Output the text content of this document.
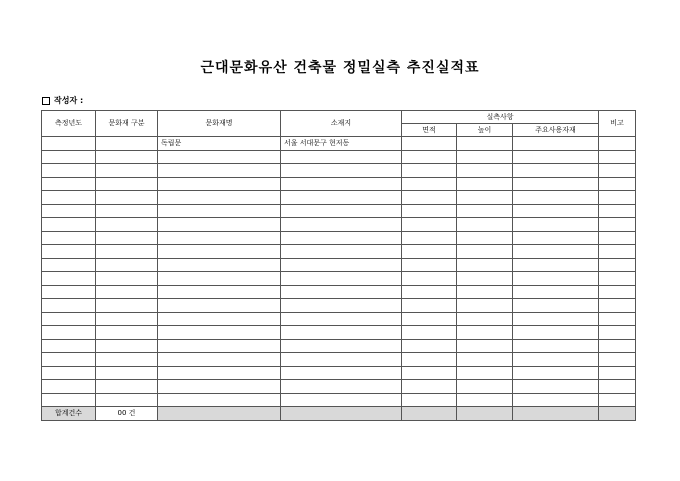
근대문화유산 건축물 정밀실측 추진실적표
작성자 :
측정년도	문화재 구분	문화재명	소재지	실측사항			비고
				면적	높이	주요사용자재	
		독립문	서울 서대문구 현저동				

합계건수	00 건						
